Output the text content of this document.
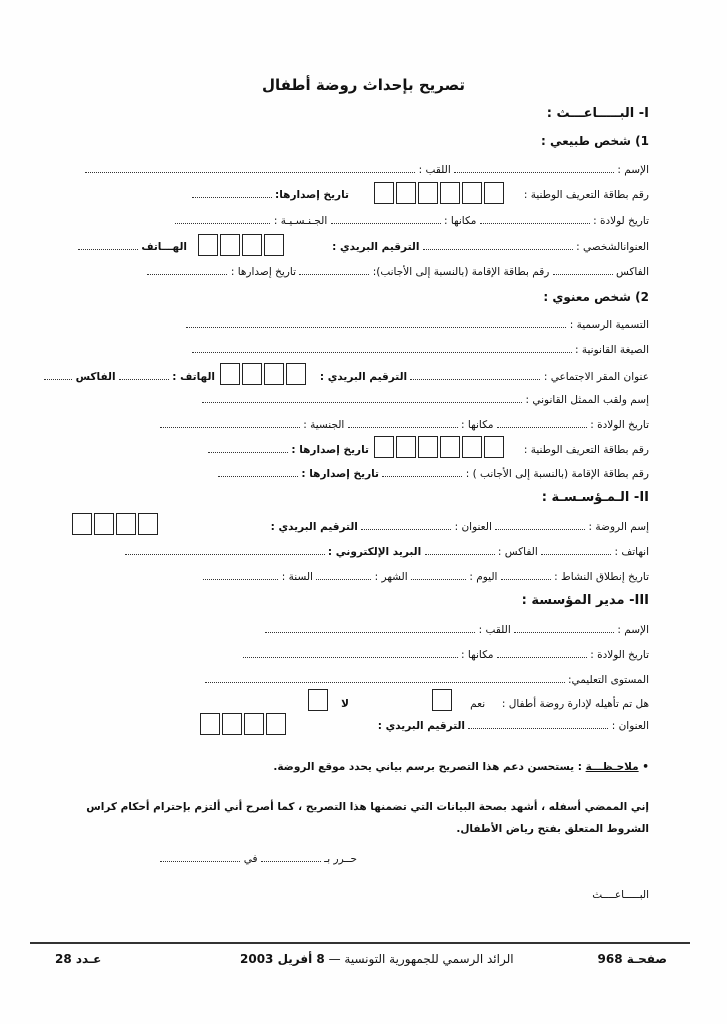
تصريح بإحداث روضة أطفال
I- البـــــاعـــث :
1) شخص طبيعي :
الإسم :  اللقب :
رقم بطاقة التعريف الوطنية :
تاريخ إصدارها:
تاريخ لولادة :  مكانها :  الجـنـسـيـة :
العنوانالشخصي :  الترقيم البريدي :
الهـــاتف
الفاكس  رقم بطاقة الإقامة (بالنسبة إلى الأجانب):  تاريخ إصدارها :
2) شخص معنوي :
التسمية الرسمية :
الصيغة القانونية :
عنوان المقر الاجتماعي :  الترقيم البريدي :
الهاتف :  الفاكس
إسم ولقب الممثل القانوني :
تاريخ الولادة :  مكانها :  الجنسية :
رقم بطاقة التعريف الوطنية :
تاريخ إصدارها :
رقم بطاقة الإقامة (بالنسبة إلى الأجانب ) :  تاريخ إصدارها :
II- الـمـؤسـسـة :
إسم الروضة :  العنوان :  الترقيم البريدي :
انهاتف :  الفاكس :  البريد الإلكتروني :
تاريخ إنطلاق النشاط :  اليوم :  الشهر :  السنة :
III- مدير المؤسسة :
الإسم :  اللقب :
تاريخ الولادة :  مكانها :
المستوى التعليمي:
هل تم تأهيله لإدارة روضة أطفال :  نعم
لا
العنوان :  الترقيم البريدي :
• ملاحـظـــة : يستحسن دعم هذا التصريح برسم بياني يحدد موقع الروضة.
إني الممضي أسفله ، أشهد بصحة البيانات التي تضمنها هذا التصريح ، كما أصرح أني ألتزم بإحترام أحكام كراس الشروط المتعلق بفتح رياض الأطفال.
حــرر بـ  في
البـــــاعــــث
صفحـة 968
الرائد الرسمي للجمهورية التونسية — 8 أفريل 2003
عـدد 28
